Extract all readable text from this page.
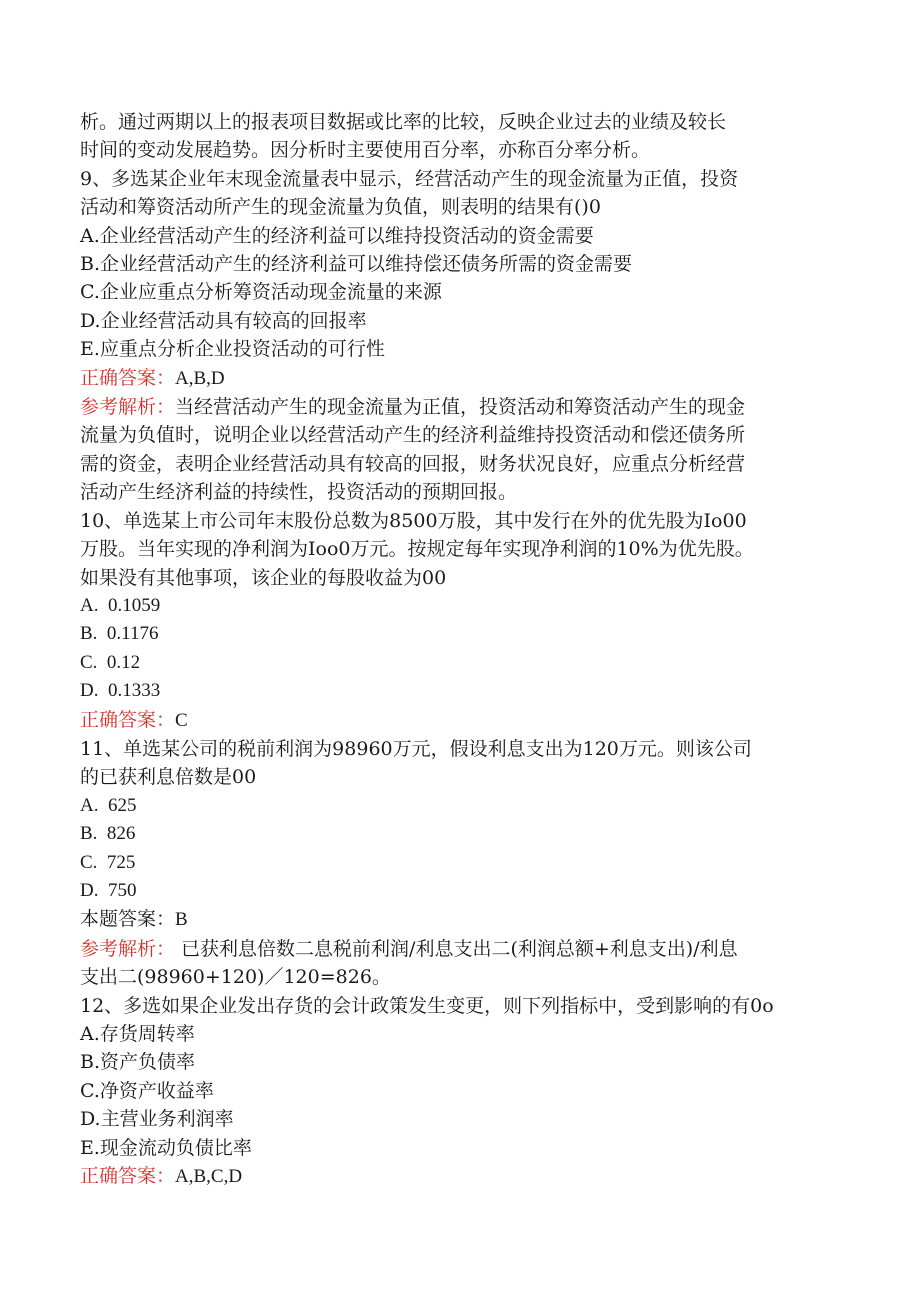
析。通过两期以上的报表项目数据或比率的比较，反映企业过去的业绩及较长
时间的变动发展趋势。因分析时主要使用百分率，亦称百分率分析。
9、多选某企业年末现金流量表中显示，经营活动产生的现金流量为正值，投资
活动和筹资活动所产生的现金流量为负值，则表明的结果有()0
A.企业经营活动产生的经济利益可以维持投资活动的资金需要
B.企业经营活动产生的经济利益可以维持偿还债务所需的资金需要
C.企业应重点分析筹资活动现金流量的来源
D.企业经营活动具有较高的回报率
E.应重点分析企业投资活动的可行性
正确答案：A,B,D
参考解析：当经营活动产生的现金流量为正值，投资活动和筹资活动产生的现金
流量为负值时，说明企业以经营活动产生的经济利益维持投资活动和偿还债务所
需的资金，表明企业经营活动具有较高的回报，财务状况良好，应重点分析经营
活动产生经济利益的持续性，投资活动的预期回报。
10、单选某上市公司年末股份总数为8500万股，其中发行在外的优先股为Io00
万股。当年实现的净利润为Ioo0万元。按规定每年实现净利润的10%为优先股。
如果没有其他事项，该企业的每股收益为00
A.  0.1059
B.  0.1176
C.  0.12
D.  0.1333
正确答案：C
11、单选某公司的税前利润为98960万元，假设利息支出为120万元。则该公司
的已获利息倍数是00
A.  625
B.  826
C.  725
D.  750
本题答案：B
参考解析： 已获利息倍数二息税前利润/利息支出二(利润总额+利息支出)/利息
支出二(98960+120)／120=826。
12、多选如果企业发出存货的会计政策发生变更，则下列指标中，受到影响的有0o
A.存货周转率
B.资产负债率
C.净资产收益率
D.主营业务利润率
E.现金流动负债比率
正确答案：A,B,C,D
